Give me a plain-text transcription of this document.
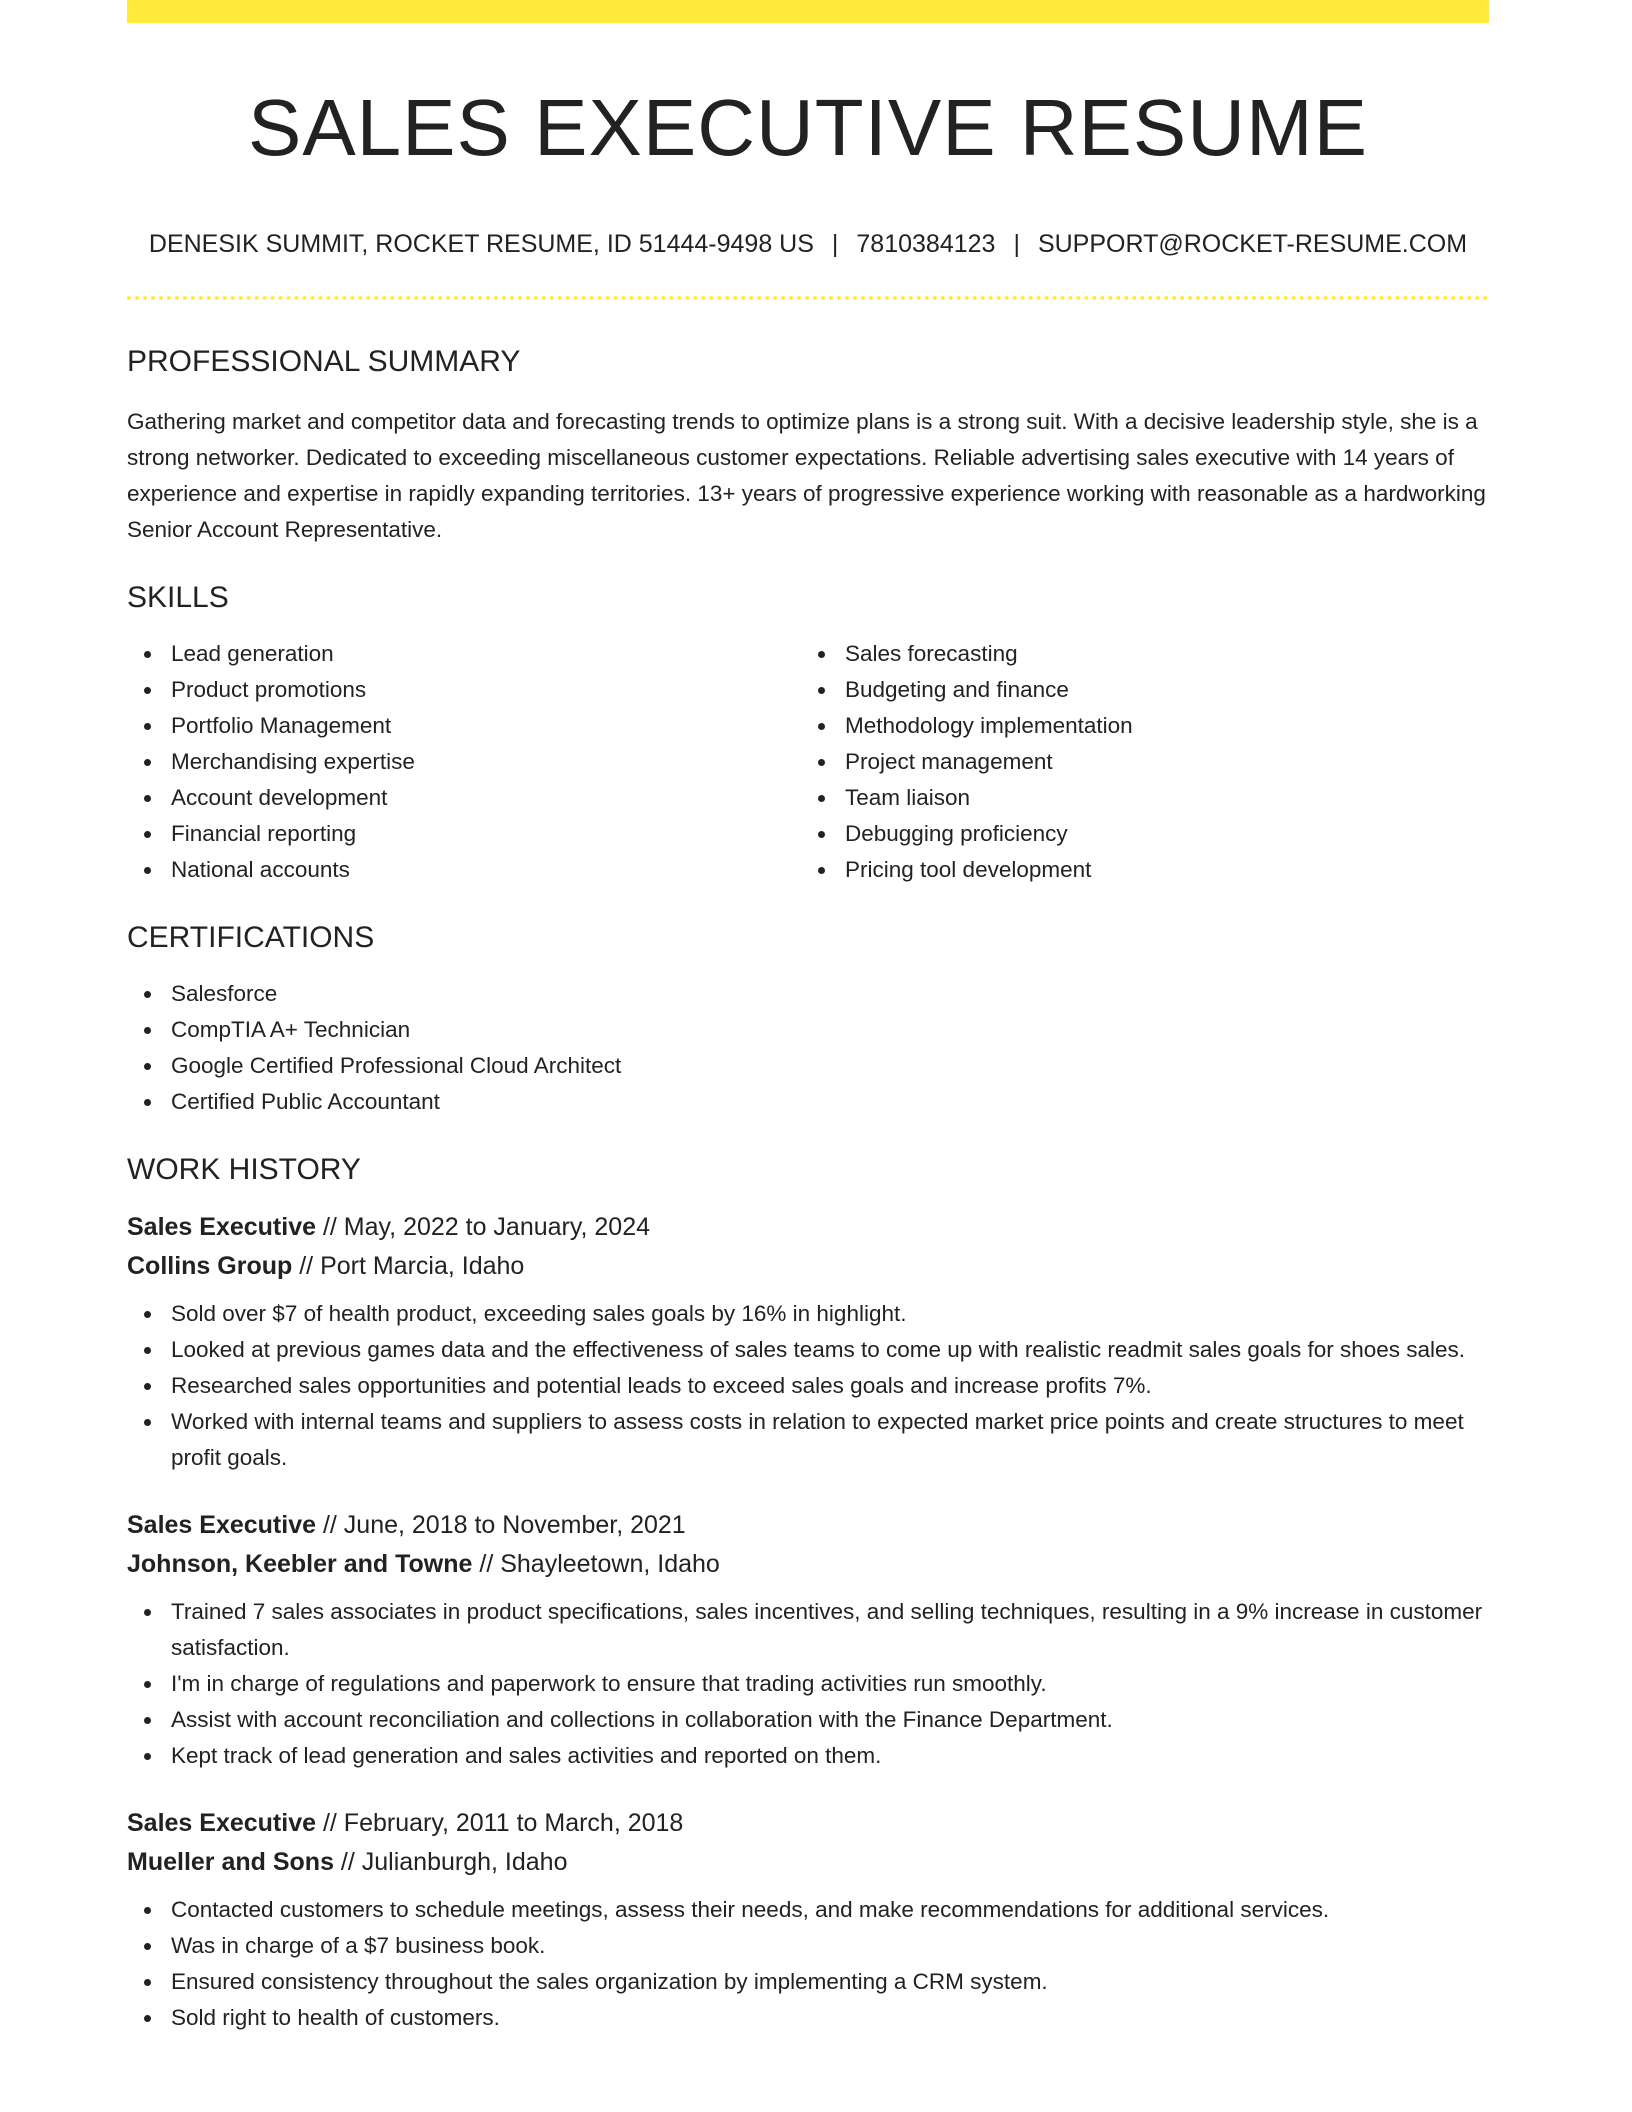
SALES EXECUTIVE RESUME
DENESIK SUMMIT, ROCKET RESUME, ID 51444-9498 US | 7810384123 | SUPPORT@ROCKET-RESUME.COM
PROFESSIONAL SUMMARY

Gathering market and competitor data and forecasting trends to optimize plans is a strong suit. With a decisive leadership style, she is a strong networker. Dedicated to exceeding miscellaneous customer expectations. Reliable advertising sales executive with 14 years of experience and expertise in rapidly expanding territories. 13+ years of progressive experience working with reasonable as a hardworking Senior Account Representative.

SKILLS
Lead generation
Product promotions
Portfolio Management
Merchandising expertise
Account development
Financial reporting
National accounts
Sales forecasting
Budgeting and finance
Methodology implementation
Project management
Team liaison
Debugging proficiency
Pricing tool development
CERTIFICATIONS
Salesforce
CompTIA A+ Technician
Google Certified Professional Cloud Architect
Certified Public Accountant
WORK HISTORY
Sales Executive // May, 2022 to January, 2024
Collins Group // Port Marcia, Idaho
Sold over $7 of health product, exceeding sales goals by 16% in highlight.
Looked at previous games data and the effectiveness of sales teams to come up with realistic readmit sales goals for shoes sales.
Researched sales opportunities and potential leads to exceed sales goals and increase profits 7%.
Worked with internal teams and suppliers to assess costs in relation to expected market price points and create structures to meet profit goals.
Sales Executive // June, 2018 to November, 2021
Johnson, Keebler and Towne // Shayleetown, Idaho
Trained 7 sales associates in product specifications, sales incentives, and selling techniques, resulting in a 9% increase in customer satisfaction.
I'm in charge of regulations and paperwork to ensure that trading activities run smoothly.
Assist with account reconciliation and collections in collaboration with the Finance Department.
Kept track of lead generation and sales activities and reported on them.
Sales Executive // February, 2011 to March, 2018
Mueller and Sons // Julianburgh, Idaho
Contacted customers to schedule meetings, assess their needs, and make recommendations for additional services.
Was in charge of a $7 business book.
Ensured consistency throughout the sales organization by implementing a CRM system.
Sold right to health of customers.
